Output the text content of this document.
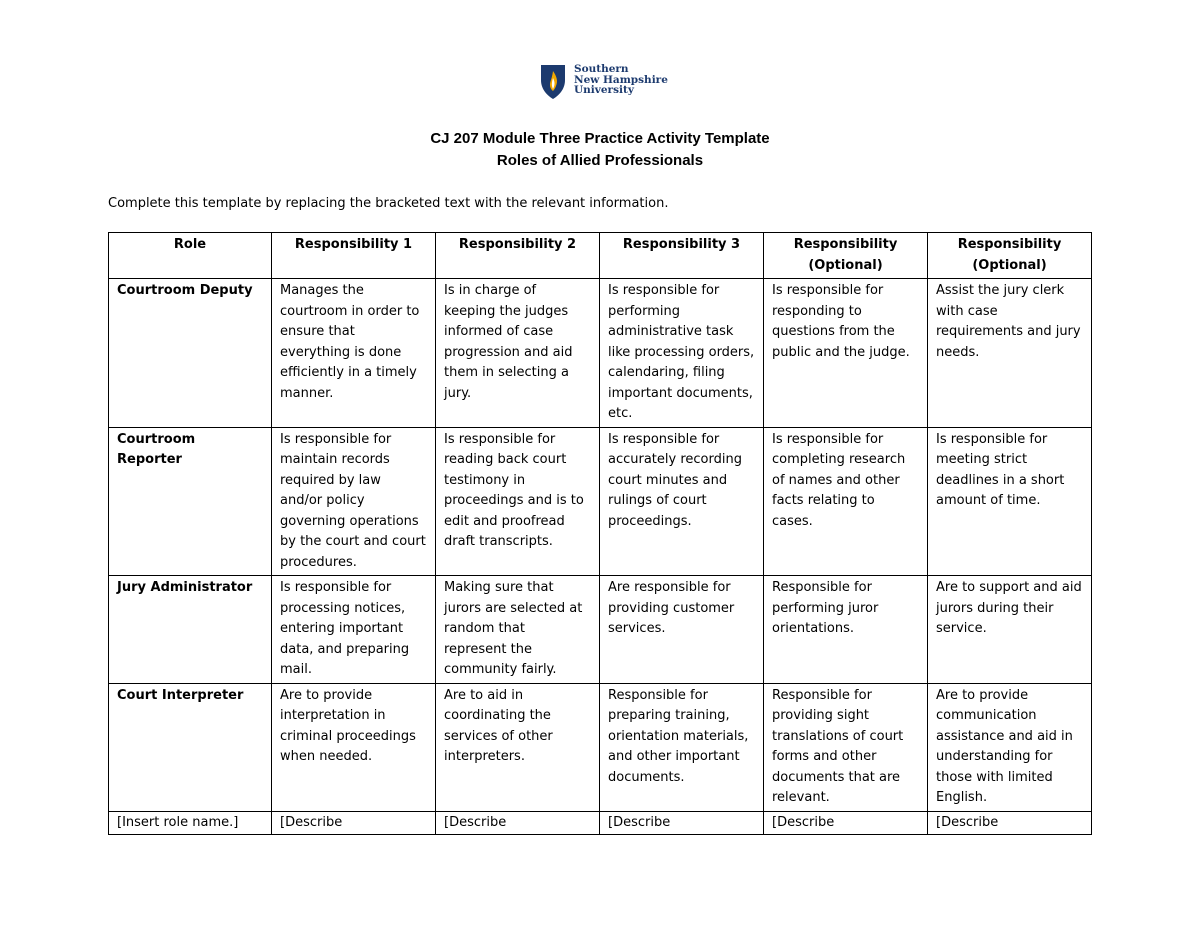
Southern
New Hampshire
University
CJ 207 Module Three Practice Activity Template
Roles of Allied Professionals
Complete this template by replacing the bracketed text with the relevant information.
Role	Responsibility 1	Responsibility 2	Responsibility 3	Responsibility (Optional)	Responsibility (Optional)
Courtroom Deputy	Manages the courtroom in order to ensure that everything is done efficiently in a timely manner.	Is in charge of keeping the judges informed of case progression and aid them in selecting a jury.	Is responsible for performing administrative task like processing orders, calendaring, filing important documents, etc.	Is responsible for responding to questions from the public and the judge.	Assist the jury clerk with case requirements and jury needs.
Courtroom Reporter	Is responsible for maintain records required by law and/or policy governing operations by the court and court procedures.	Is responsible for reading back court testimony in proceedings and is to edit and proofread draft transcripts.	Is responsible for accurately recording court minutes and rulings of court proceedings.	Is responsible for completing research of names and other facts relating to cases.	Is responsible for meeting strict deadlines in a short amount of time.
Jury Administrator	Is responsible for processing notices, entering important data, and preparing mail.	Making sure that jurors are selected at random that represent the community fairly.	Are responsible for providing customer services.	Responsible for performing juror orientations.	Are to support and aid jurors during their service.
Court Interpreter	Are to provide interpretation in criminal proceedings when needed.	Are to aid in coordinating the services of other interpreters.	Responsible for preparing training, orientation materials, and other important documents.	Responsible for providing sight translations of court forms and other documents that are relevant.	Are to provide communication assistance and aid in understanding for those with limited English.
[Insert role name.]	[Describe	[Describe	[Describe	[Describe	[Describe
